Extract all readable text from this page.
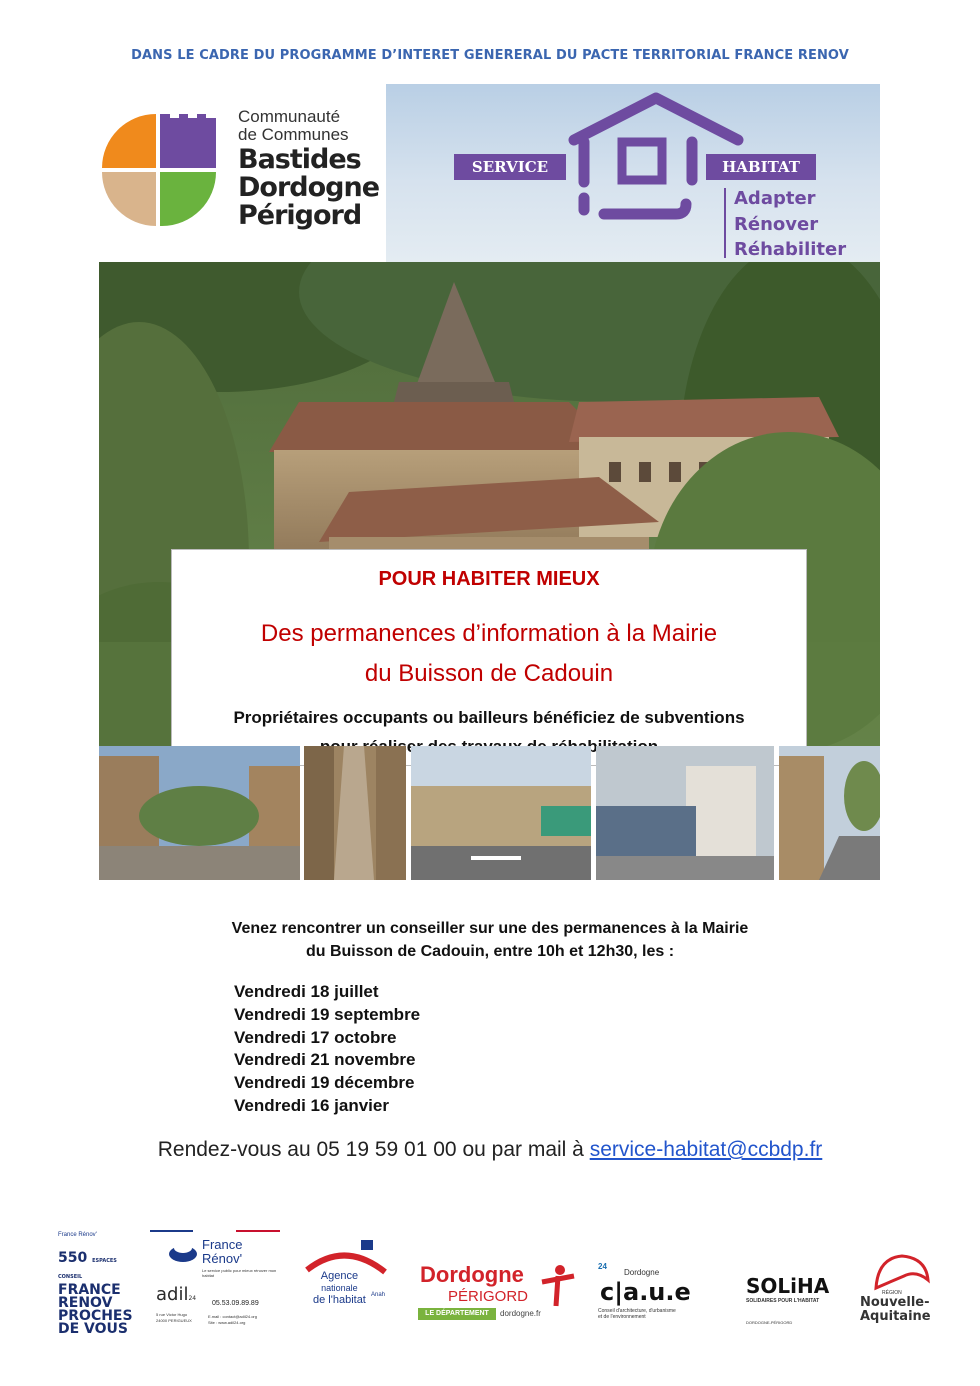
DANS LE CADRE DU PROGRAMME D’INTERET GENERERAL DU PACTE TERRITORIAL FRANCE RENOV
Communauté
de Communes
Bastides
Dordogne
Périgord
SERVICE	HABITAT
Adapter
Rénover
Réhabiliter
POUR HABITER MIEUX
Des permanences d’information à la Mairie
du Buisson de Cadouin
Propriétaires occupants ou bailleurs bénéficiez de subventions
Venez rencontrer un conseiller sur une des permanences à la Mairie
du Buisson de Cadouin, entre 10h et 12h30, les :
Vendredi 18 juillet
Vendredi 19 septembre
Vendredi 17 octobre
Vendredi 21 novembre
Vendredi 19 décembre
Vendredi 16 janvier
Rendez-vous au 05 19 59 01 00 ou par mail à service-habitat@ccbdp.fr
France Rénov'
550 ESPACES CONSEIL
FRANCE
RENOV
PROCHES
DE VOUS
France
Rénov'
Le service public pour mieux rénover mon habitat
adil24
05.53.09.89.89
5 rue Victor Hugo
24000 PERIGUEUX
E.mail : contact@adil24.org
Site : www.adil24.org
Agence
nationale
de l'habitat Anah
Dordogne
PÉRIGORD
LE DÉPARTEMENT	dordogne.fr
24
Dordogne
c|a.u.e
Conseil d'architecture, d'urbanisme
et de l'environnement
SOLiHA
SOLIDAIRES POUR L'HABITAT
DORDOGNE-PÉRIGORD
RÉGION
Nouvelle-
Aquitaine
